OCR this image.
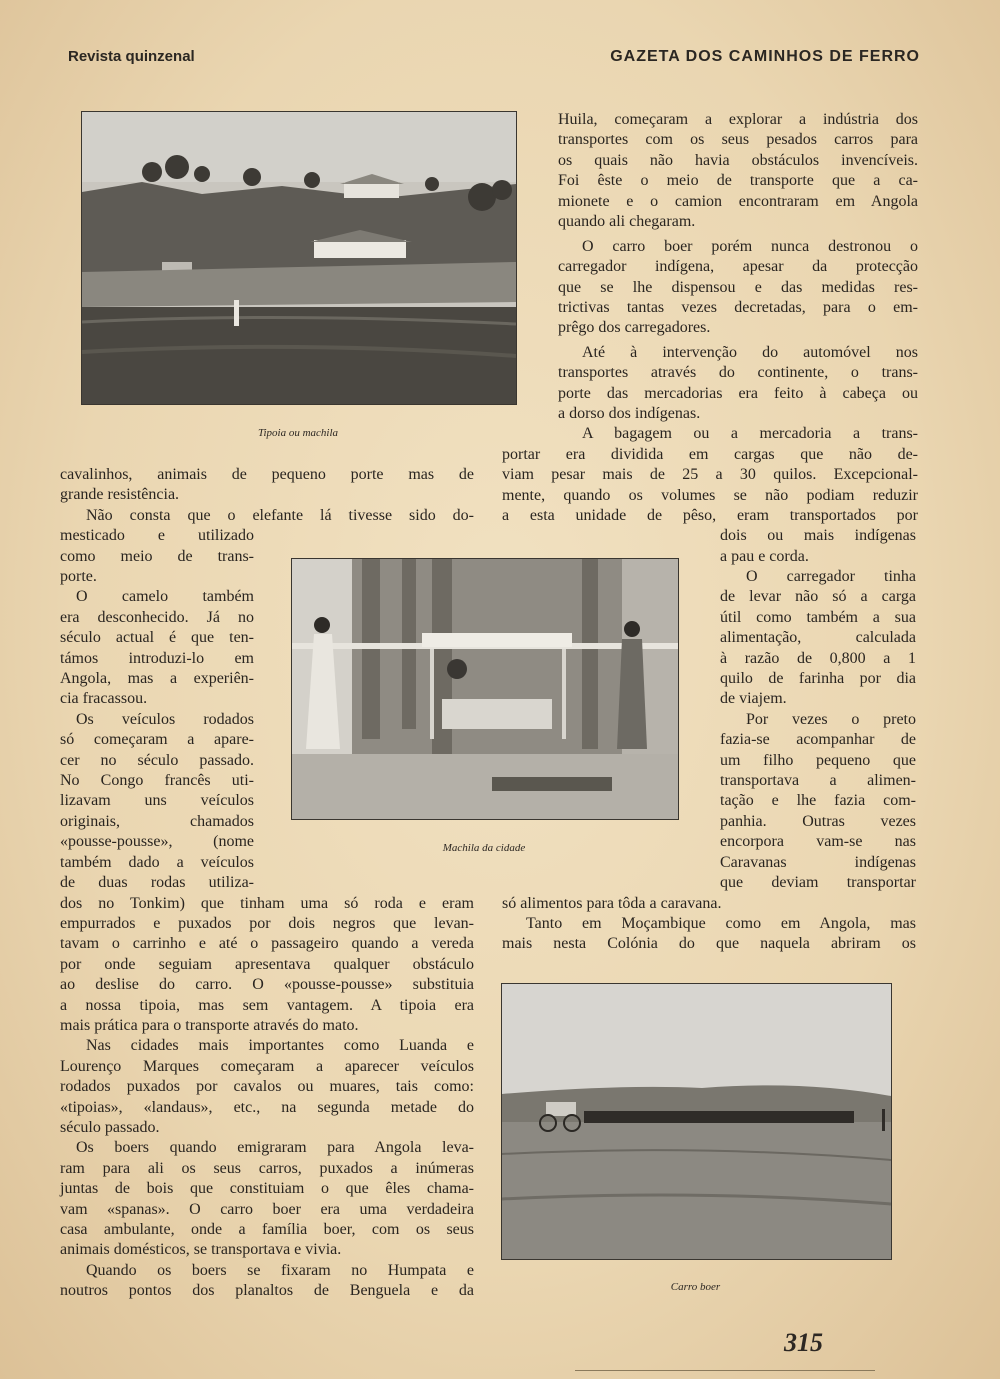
Revista quinzenal	GAZETA DOS CAMINHOS DE FERRO
Tipoia ou machila
Machila da cidade
Carro boer
cavalinhos, animais de pequeno porte mas de
grande resistência.
Não consta que o elefante lá tivesse sido do-
mesticado e utilizado
como meio de trans-
porte.
O camelo também
era desconhecido. Já no
século actual é que ten-
támos introduzi-lo em
Angola, mas a experiên-
cia fracassou.
Os veículos rodados
só começaram a apare-
cer no século passado.
No Congo francês uti-
lizavam uns veículos
originais, chamados
«pousse-pousse», (nome
também dado a veículos
de duas rodas utiliza-
dos no Tonkim) que tinham uma só roda e eram
empurrados e puxados por dois negros que levan-
tavam o carrinho e até o passageiro quando a vereda
por onde seguiam apresentava qualquer obstáculo
ao deslise do carro. O «pousse-pousse» substituia
a nossa tipoia, mas sem vantagem. A tipoia era
mais prática para o transporte através do mato.
Nas cidades mais importantes como Luanda e
Lourenço Marques começaram a aparecer veículos
rodados puxados por cavalos ou muares, tais como:
«tipoias», «landaus», etc., na segunda metade do
século passado.
Os boers quando emigraram para Angola leva-
ram para ali os seus carros, puxados a inúmeras
juntas de bois que constituiam o que êles chama-
vam «spanas». O carro boer era uma verdadeira
casa ambulante, onde a família boer, com os seus
animais domésticos, se transportava e vivia.
Quando os boers se fixaram no Humpata e
noutros pontos dos planaltos de Benguela e da
Huila, começaram a explorar a indústria dos
transportes com os seus pesados carros para
os quais não havia obstáculos invencíveis.
Foi êste o meio de transporte que a ca-
mionete e o camion encontraram em Angola
quando ali chegaram.
O carro boer porém nunca destronou o
carregador indígena, apesar da protecção
que se lhe dispensou e das medidas res-
trictivas tantas vezes decretadas, para o em-
prêgo dos carregadores.
Até à intervenção do automóvel nos
transportes através do continente, o trans-
porte das mercadorias era feito à cabeça ou
a dorso dos indígenas.
A bagagem ou a mercadoria a trans-
portar era dividida em cargas que não de-
viam pesar mais de 25 a 30 quilos. Excepcional-
mente, quando os volumes se não podiam reduzir
a esta unidade de pêso, eram transportados por
dois ou mais indígenas
a pau e corda.
O carregador tinha
de levar não só a carga
útil como também a sua
alimentação, calculada
à razão de 0,800 a 1
quilo de farinha por dia
de viajem.
Por vezes o preto
fazia-se acompanhar de
um filho pequeno que
transportava a alimen-
tação e lhe fazia com-
panhia. Outras vezes
encorpora vam-se nas
Caravanas indígenas
que deviam transportar
só alimentos para tôda a caravana.
Tanto em Moçambique como em Angola, mas
mais nesta Colónia do que naquela abriram os
315
